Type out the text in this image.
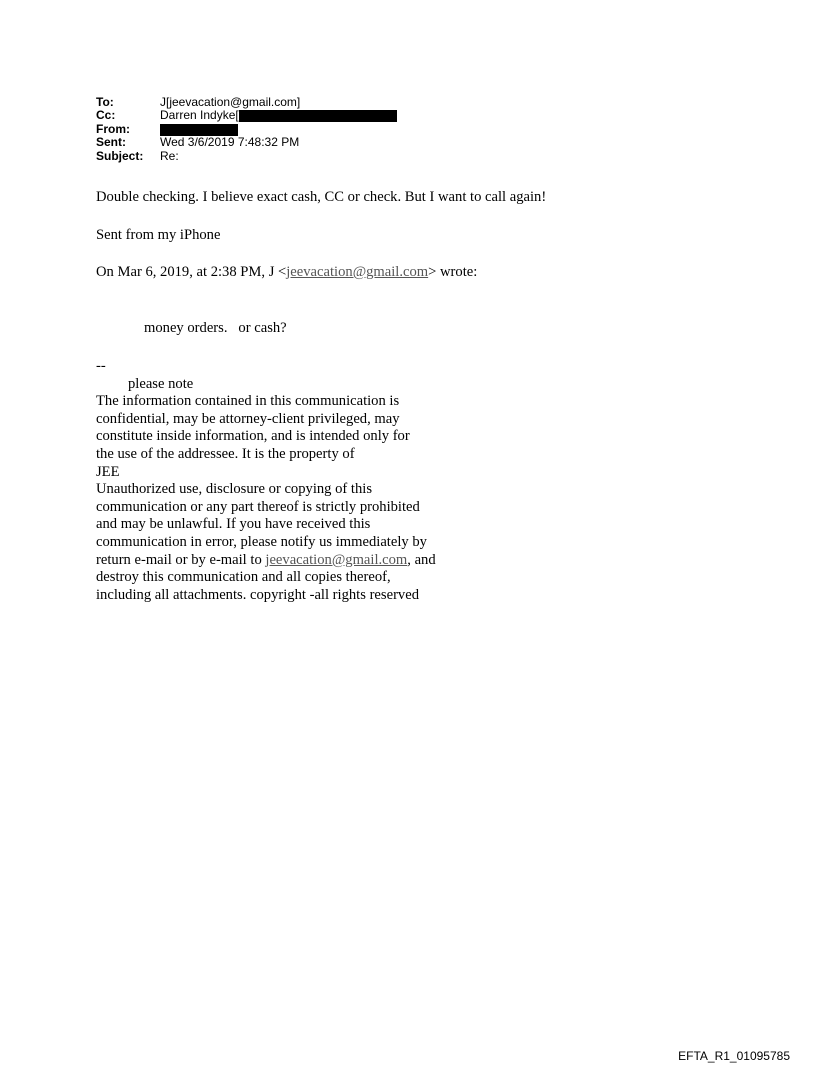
To:	J[jeevacation@gmail.com]
Cc:	Darren Indyke[
From:
Sent:	Wed 3/6/2019 7:48:32 PM
Subject:	Re:
Double checking. I believe exact cash, CC or check. But I want to call again!
Sent from my iPhone
On Mar 6, 2019, at 2:38 PM, J <jeevacation@gmail.com> wrote:
money orders.   or cash?
--
please note
The information contained in this communication is
confidential, may be attorney-client privileged, may
constitute inside information, and is intended only for
the use of the addressee. It is the property of
JEE
Unauthorized use, disclosure or copying of this
communication or any part thereof is strictly prohibited
and may be unlawful. If you have received this
communication in error, please notify us immediately by
return e-mail or by e-mail to jeevacation@gmail.com, and
destroy this communication and all copies thereof,
including all attachments. copyright -all rights reserved
EFTA_R1_01095785
